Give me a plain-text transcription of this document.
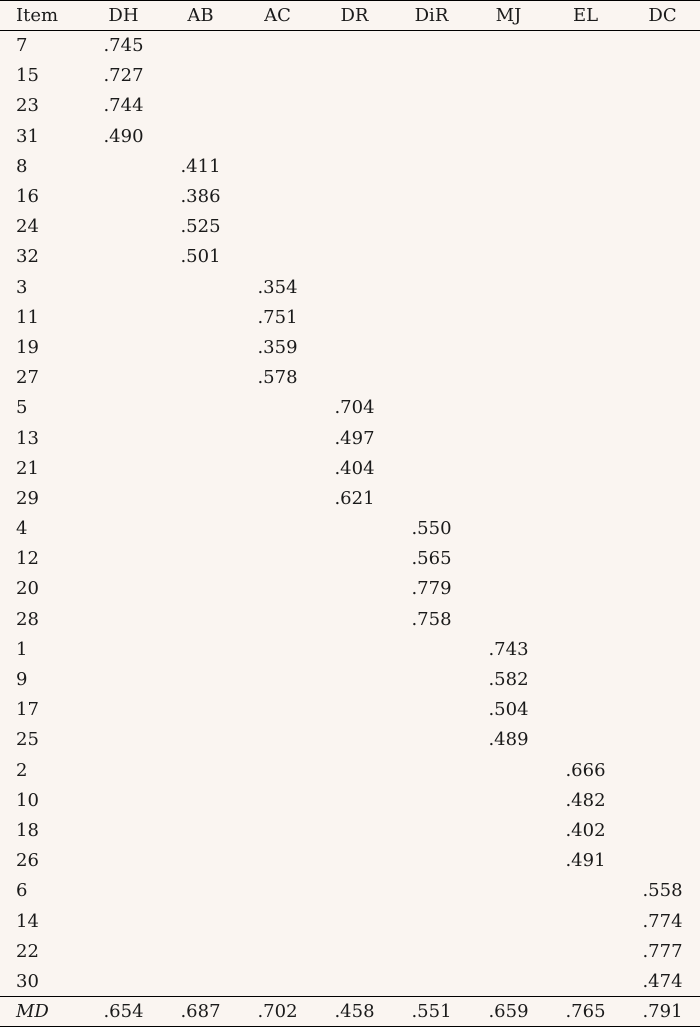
Item	DH	AB	AC	DR	DiR	MJ	EL	DC
7	.745							
15	.727							
23	.744							
31	.490							
8		.411						
16		.386						
24		.525						
32		.501						
3			.354					
11			.751					
19			.359					
27			.578					
5				.704				
13				.497				
21				.404				
29				.621				
4					.550			
12					.565			
20					.779			
28					.758			
1						.743		
9						.582		
17						.504		
25						.489		
2							.666	
10							.482	
18							.402	
26							.491	
6								.558
14								.774
22								.777
30								.474
MD	.654	.687	.702	.458	.551	.659	.765	.791
